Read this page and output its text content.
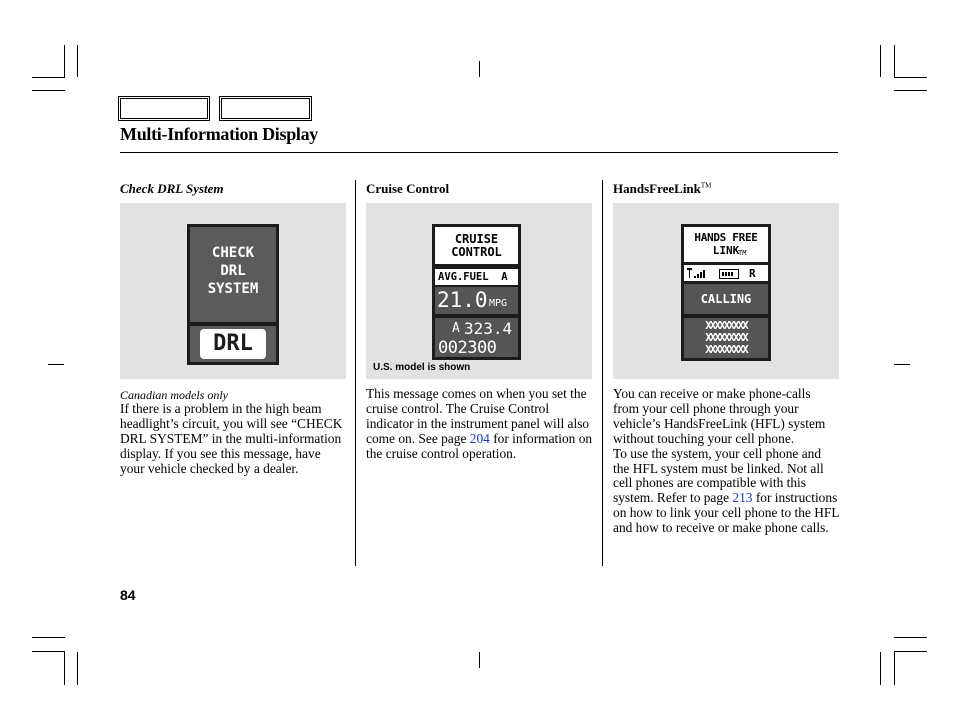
Multi-Information Display
Check DRL System
CHECK
DRL
SYSTEM
DRL
Canadian models only
If there is a problem in the high beam headlight’s circuit, you will see “CHECK DRL SYSTEM” in the multi-information display. If you see this message, have your vehicle checked by a dealer.
Cruise Control
CRUISE
CONTROL
AVG.FUEL  A
21.0 MPG
A 323.4
002300
U.S. model is shown
This message comes on when you set the cruise control. The Cruise Control indicator in the instrument panel will also come on. See page 204 for information on the cruise control operation.
HandsFreeLink™
HANDS FREE
LINK
TM
R
CALLING
XXXXXXXXX
XXXXXXXXX
XXXXXXXXX
You can receive or make phone-calls from your cell phone through your vehicle’s HandsFreeLink (HFL) system without touching your cell phone.
To use the system, your cell phone and the HFL system must be linked. Not all cell phones are compatible with this system. Refer to page 213 for instructions on how to link your cell phone to the HFL and how to receive or make phone calls.
84
